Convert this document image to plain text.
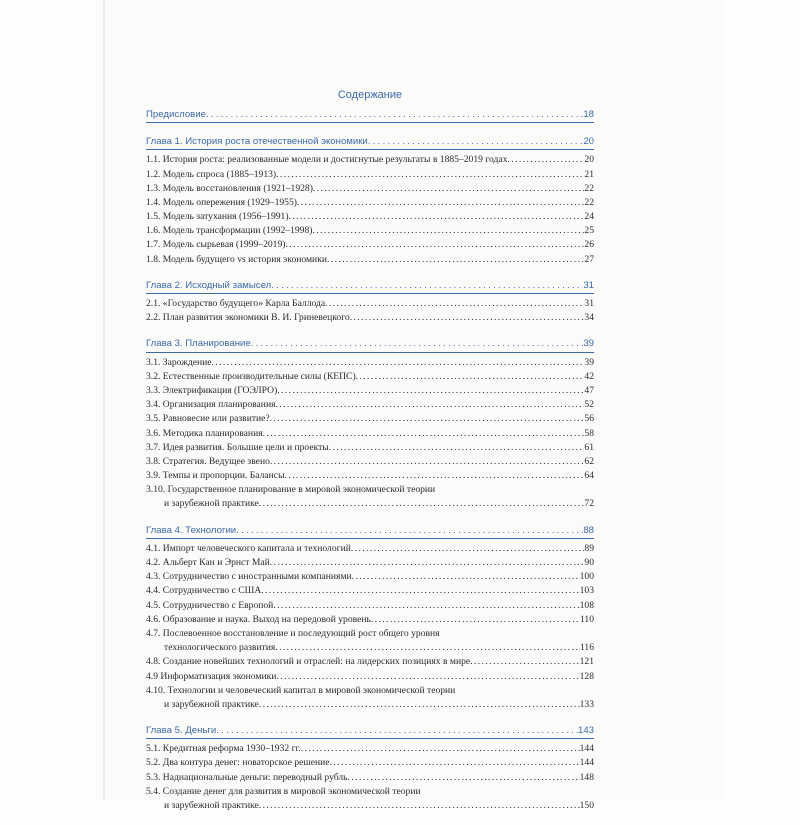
Содержание
Предисловие . . .	18
Глава 1. История роста отечественной экономики . . .	20
1.1. История роста: реализованные модели и достигнутые результаты в 1885–2019 годах . . .	20
1.2. Модель спроса (1885–1913) . . .	21
1.3. Модель восстановления (1921–1928) . . .	22
1.4. Модель опережения (1929–1955) . . .	22
1.5. Модель затухания (1956–1991) . . .	24
1.6. Модель трансформации (1992–1998) . . .	25
1.7. Модель сырьевая (1999–2019) . . .	26
1.8. Модель будущего vs история экономики . . .	27
Глава 2. Исходный замысел . . .	31
2.1. «Государство будущего» Карла Баллода . . .	31
2.2. План развития экономики В. И. Гриневецкого . . .	34
Глава 3. Планирование . . .	39
3.1. Зарождение . . .	39
3.2. Естественные производительные силы (КЕПС) . . .	42
3.3. Электрификация (ГОЭЛРО) . . .	47
3.4. Организация планирования . . .	52
3.5. Равновесие или развитие? . . .	56
3.6. Методика планирования . . .	58
3.7. Идея развития. Большие цели и проекты . . .	61
3.8. Стратегия. Ведущее звено . . .	62
3.9. Темпы и пропорции. Балансы . . .	64
3.10. Государственное планирование в мировой экономической теории
и зарубежной практике . . .	72
Глава 4. Технологии . . .	88
4.1. Импорт человеческого капитала и технологий . . .	89
4.2. Альберт Кан и Эрнст Май . . .	90
4.3. Сотрудничество с иностранными компаниями . . .	100
4.4. Сотрудничество с США . . .	103
4.5. Сотрудничество с Европой . . .	108
4.6. Образование и наука. Выход на передовой уровень . . .	110
4.7. Послевоенное восстановление и последующий рост общего уровня
технологического развития . . .	116
4.8. Создание новейших технологий и отраслей: на лидерских позициях в мире . . .	121
4.9 Информатизация экономики . . .	128
4.10. Технологии и человеческий капитал в мировой экономической теории
и зарубежной практике . . .	133
Глава 5. Деньги . . .	143
5.1. Кредитная реформа 1930–1932 гг. . . .	144
5.2. Два контура денег: новаторское решение . . .	144
5.3. Наднациональные деньги: переводный рубль . . .	148
5.4. Создание денег для развития в мировой экономической теории
и зарубежной практике . . .	150
